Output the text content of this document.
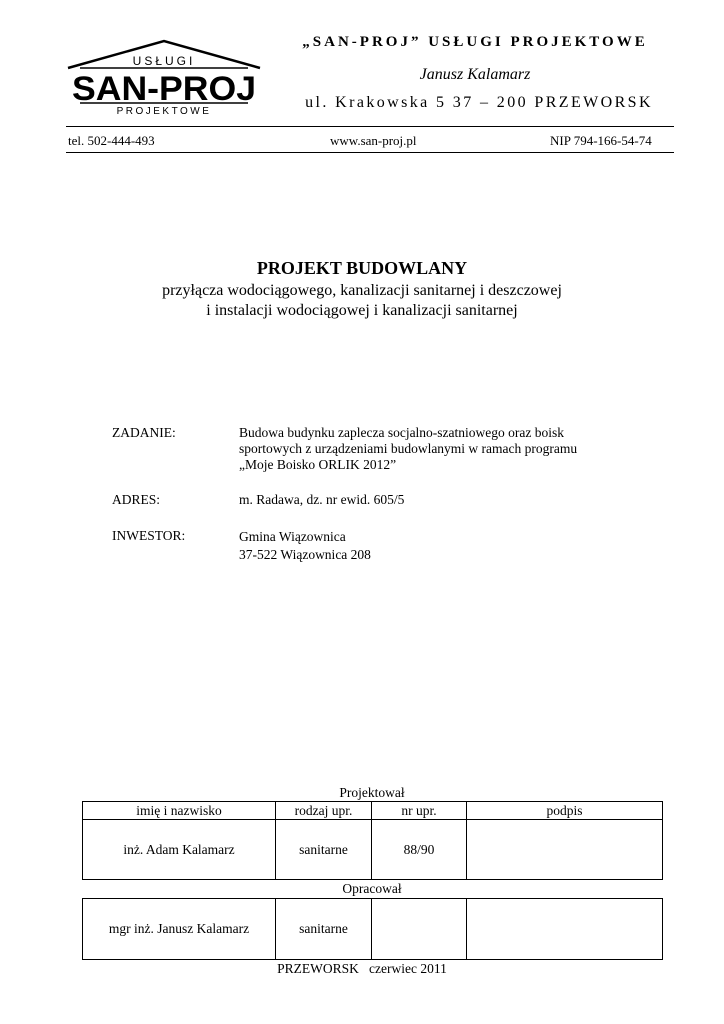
USŁUGI
SAN-PROJ
PROJEKTOWE
„SAN-PROJ” USŁUGI PROJEKTOWE
Janusz Kalamarz
ul. Krakowska 5 37 – 200 PRZEWORSK
tel. 502-444-493	www.san-proj.pl	NIP 794-166-54-74
PROJEKT BUDOWLANY
przyłącza wodociągowego, kanalizacji sanitarnej i deszczowej
i instalacji wodociągowej i kanalizacji sanitarnej
ZADANIE:	Budowa budynku zaplecza socjalno-szatniowego oraz boisk
sportowych z urządzeniami budowlanymi w ramach programu
„Moje Boisko ORLIK 2012”
ADRES:	m. Radawa, dz. nr ewid. 605/5
INWESTOR:	Gmina Wiązownica
37-522 Wiązownica 208
Projektował
imię i nazwisko	rodzaj upr.	nr upr.	podpis
inż. Adam Kalamarz	sanitarne	88/90	
Opracował
mgr inż. Janusz Kalamarz	sanitarne		
PRZEWORSK   czerwiec 2011
